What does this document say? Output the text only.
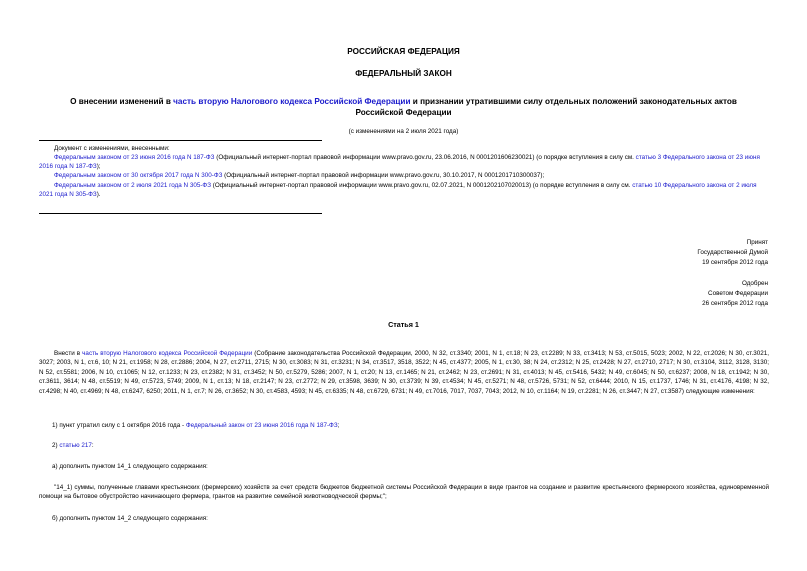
РОССИЙСКАЯ ФЕДЕРАЦИЯ
ФЕДЕРАЛЬНЫЙ ЗАКОН
О внесении изменений в часть вторую Налогового кодекса Российской Федерации и признании утратившими силу отдельных положений законодательных актов
Российской Федерации
(с изменениями на 2 июля 2021 года)
Документ с изменениями, внесенными:
Федеральным законом от 23 июня 2016 года N 187-ФЗ (Официальный интернет-портал правовой информации www.pravo.gov.ru, 23.06.2016, N 0001201606230021) (о порядке вступления в силу см. статью 3 Федерального закона от 23 июня 2016 года N 187-ФЗ);
Федеральным законом от 30 октября 2017 года N 300-ФЗ (Официальный интернет-портал правовой информации www.pravo.gov.ru, 30.10.2017, N 0001201710300037);
Федеральным законом от 2 июля 2021 года N 305-ФЗ (Официальный интернет-портал правовой информации www.pravo.gov.ru, 02.07.2021, N 0001202107020013) (о порядке вступления в силу см. статью 10 Федерального закона от 2 июля 2021 года N 305-ФЗ).
Принят
Государственной Думой
19 сентября 2012 года
Одобрен
Советом Федерации
26 сентября 2012 года
Статья 1
Внести в часть вторую Налогового кодекса Российской Федерации (Собрание законодательства Российской Федерации, 2000, N 32, ст.3340; 2001, N 1, ст.18; N 23, ст.2289; N 33, ст.3413; N 53, ст.5015, 5023; 2002, N 22, ст.2026; N 30, ст.3021, 3027; 2003, N 1, ст.6, 10; N 21, ст.1958; N 28, ст.2886; 2004, N 27, ст.2711, 2715; N 30, ст.3083; N 31, ст.3231; N 34, ст.3517, 3518, 3522; N 45, ст.4377; 2005, N 1, ст.30, 38; N 24, ст.2312; N 25, ст.2428; N 27, ст.2710, 2717; N 30, ст.3104, 3112, 3128, 3130; N 52, ст.5581; 2006, N 10, ст.1065; N 12, ст.1233; N 23, ст.2382; N 31, ст.3452; N 50, ст.5279, 5286; 2007, N 1, ст.20; N 13, ст.1465; N 21, ст.2462; N 23, ст.2691; N 31, ст.4013; N 45, ст.5416, 5432; N 49, ст.6045; N 50, ст.6237; 2008, N 18, ст.1942; N 30, ст.3611, 3614; N 48, ст.5519; N 49, ст.5723, 5749; 2009, N 1, ст.13; N 18, ст.2147; N 23, ст.2772; N 29, ст.3598, 3639; N 30, ст.3739; N 39, ст.4534; N 45, ст.5271; N 48, ст.5726, 5731; N 52, ст.6444; 2010, N 15, ст.1737, 1746; N 31, ст.4176, 4198; N 32, ст.4298; N 40, ст.4969; N 48, ст.6247, 6250; 2011, N 1, ст.7; N 26, ст.3652; N 30, ст.4583, 4593; N 45, ст.6335; N 48, ст.6729, 6731; N 49, ст.7016, 7017, 7037, 7043; 2012, N 10, ст.1164; N 19, ст.2281; N 26, ст.3447; N 27, ст.3587) следующие изменения:
1) пункт утратил силу с 1 октября 2016 года - Федеральный закон от 23 июня 2016 года N 187-ФЗ;
2) статью 217:
а) дополнить пунктом 14_1 следующего содержания:
"14_1) суммы, полученные главами крестьянских (фермерских) хозяйств за счет средств бюджетов бюджетной системы Российской Федерации в виде грантов на создание и развитие крестьянского фермерского хозяйства, единовременной помощи на бытовое обустройство начинающего фермера, грантов на развитие семейной животноводческой фермы;";
б) дополнить пунктом 14_2 следующего содержания:
